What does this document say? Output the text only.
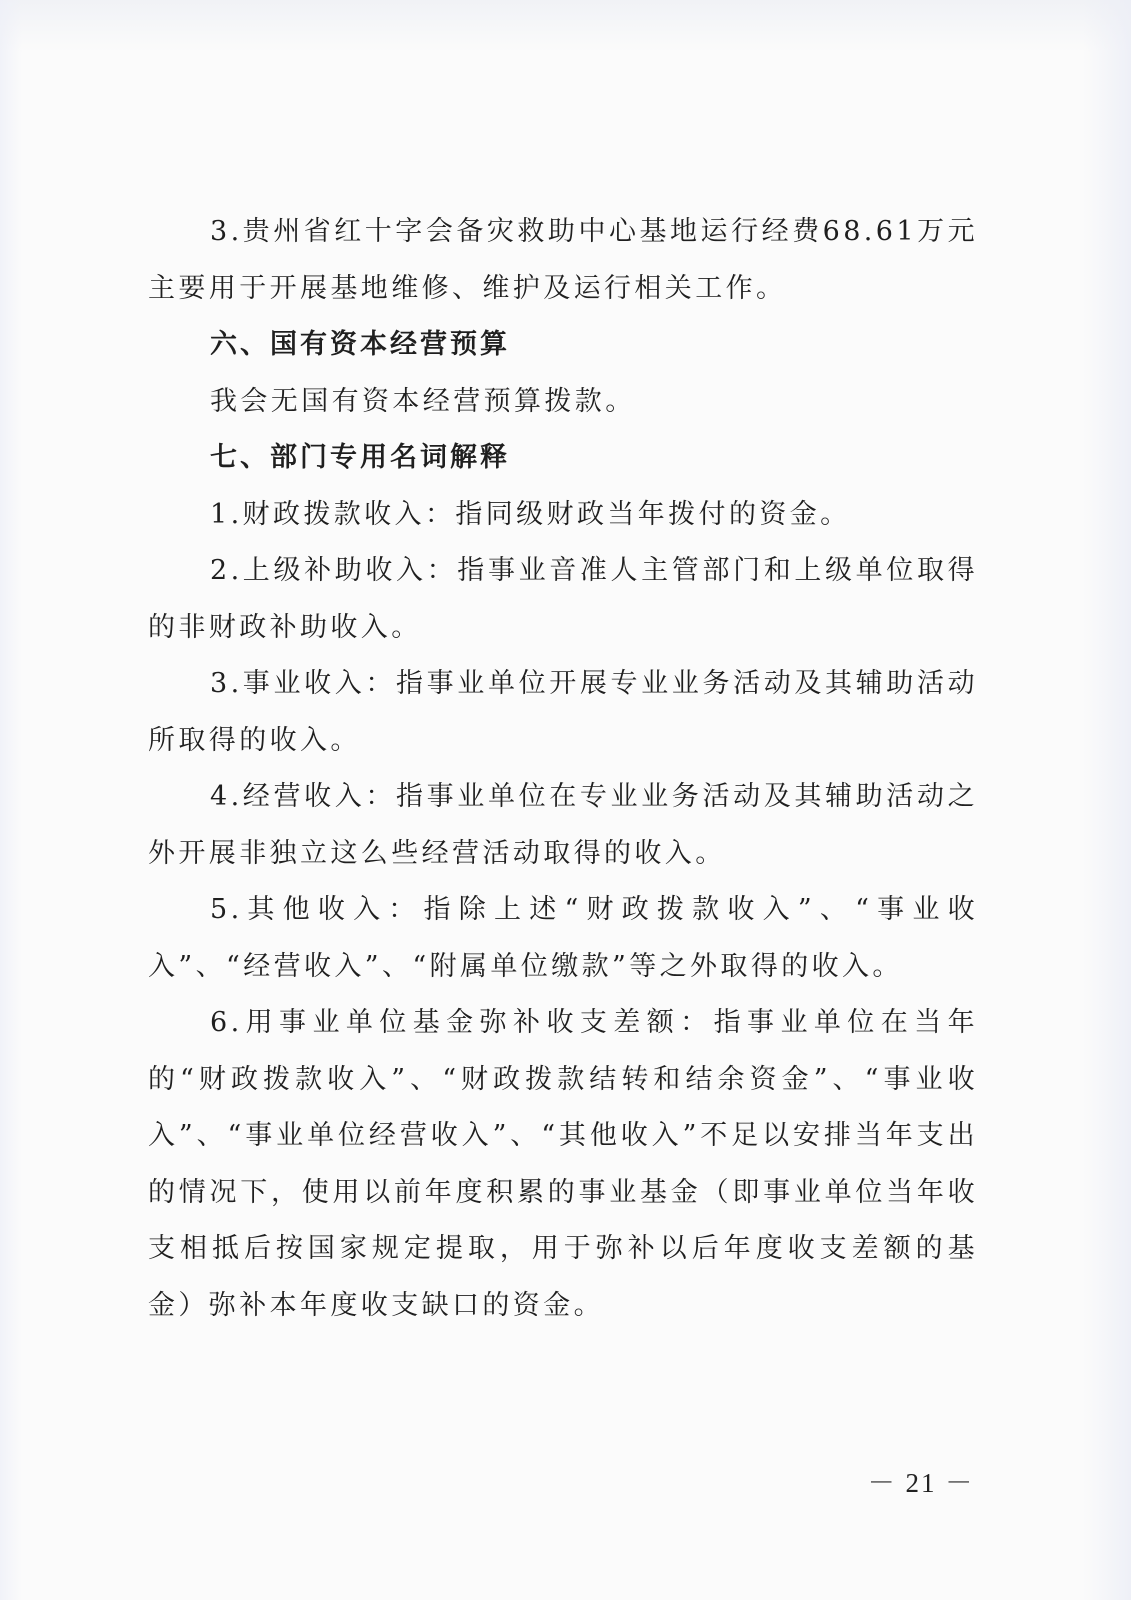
3.贵州省红十字会备灾救助中心基地运行经费68.61万元主要用于开展基地维修、维护及运行相关工作。

六、国有资本经营预算

我会无国有资本经营预算拨款。

七、部门专用名词解释

1.财政拨款收入：指同级财政当年拨付的资金。

2.上级补助收入：指事业音准人主管部门和上级单位取得的非财政补助收入。

3.事业收入：指事业单位开展专业业务活动及其辅助活动所取得的收入。

4.经营收入：指事业单位在专业业务活动及其辅助活动之外开展非独立这么些经营活动取得的收入。

5.其他收入：指除上述“财政拨款收入”、“事业收入”、“经营收入”、“附属单位缴款”等之外取得的收入。

6.用事业单位基金弥补收支差额：指事业单位在当年的“财政拨款收入”、“财政拨款结转和结余资金”、“事业收入”、“事业单位经营收入”、“其他收入”不足以安排当年支出的情况下，使用以前年度积累的事业基金（即事业单位当年收支相抵后按国家规定提取，用于弥补以后年度收支差额的基金）弥补本年度收支缺口的资金。

－ 21 －
